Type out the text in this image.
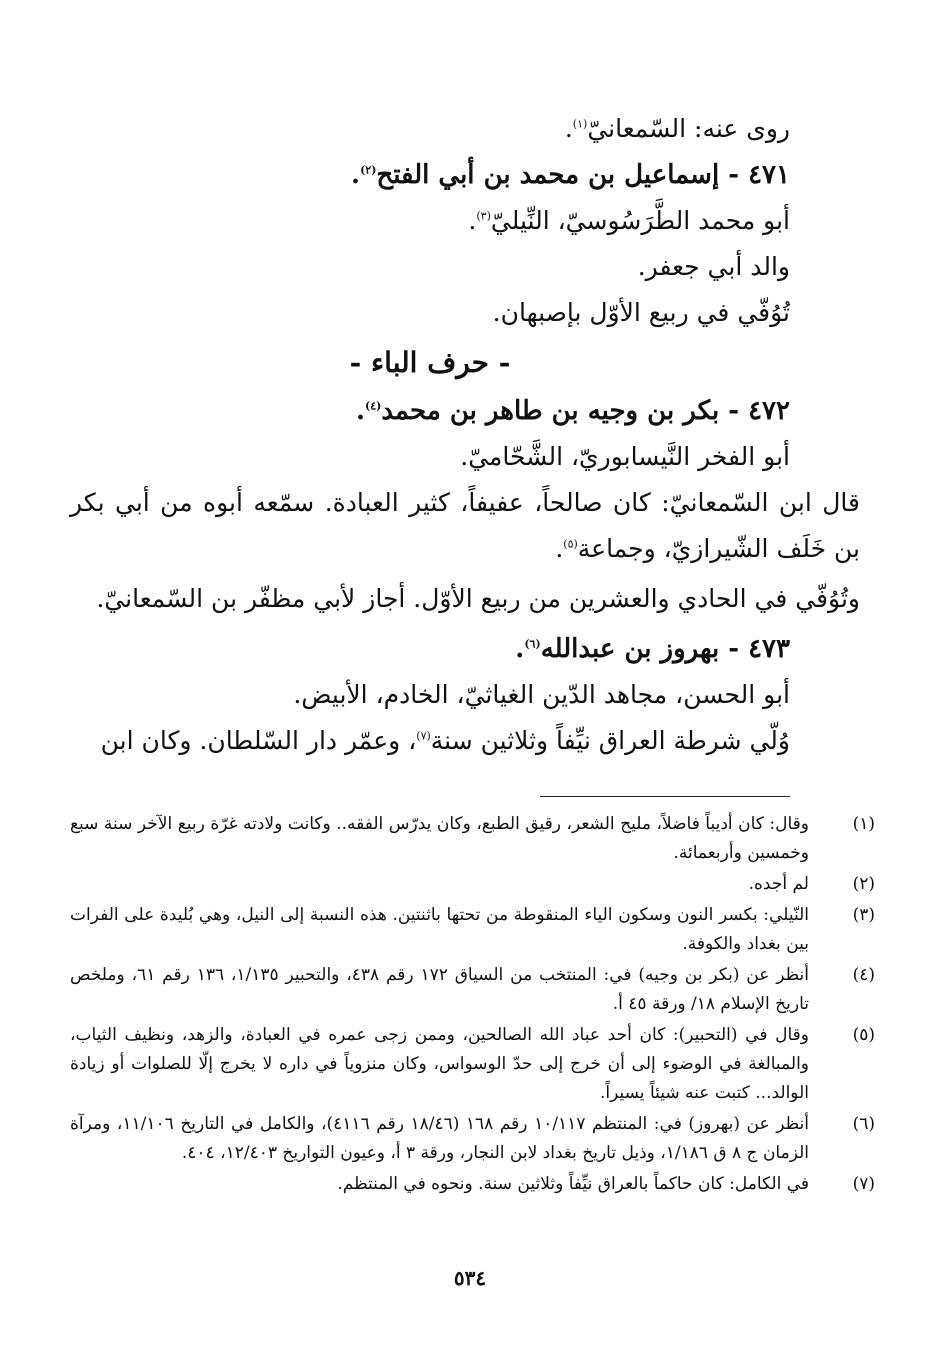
روى عنه: السّمعانيّ$^{(١)}$.
٤٧١ - إسماعيل بن محمد بن أبي الفتح$^{(٢)}$.
أبو محمد الطَّرَسُوسيّ، النِّيليّ$^{(٣)}$.
والد أبي جعفر.
تُوُفّي في ربيع الأوّل بإصبهان.
- حرف الباء -
٤٧٢ - بكر بن وجيه بن طاهر بن محمد$^{(٤)}$.
أبو الفخر النَّيسابوريّ، الشَّحّاميّ.
قال ابن السّمعانيّ: كان صالحاً، عفيفاً، كثير العبادة. سمّعه أبوه من أبي بكر بن خَلَف الشّيرازيّ، وجماعة$^{(٥)}$.
وتُوُفّي في الحادي والعشرين من ربيع الأوّل. أجاز لأبي مظفّر بن السّمعانيّ.
٤٧٣ - بهروز بن عبدالله$^{(٦)}$.
أبو الحسن، مجاهد الدّين الغياثيّ، الخادم، الأبيض.
وُلّي شرطة العراق نيِّفاً وثلاثين سنة$^{(٧)}$، وعمّر دار السّلطان. وكان ابن
(١)
وقال: كان أديباً فاضلاً، مليح الشعر، رقيق الطبع، وكان يدرّس الفقه.. وكانت ولادته غرّة ربيع الآخر سنة سبع وخمسين وأربعمائة.
(٢)
لم أجده.
(٣)
النّيلي: بكسر النون وسكون الياء المنقوطة من تحتها باثنتين. هذه النسبة إلى النيل، وهي بُليدة على الفرات بين بغداد والكوفة.
(٤)
أنظر عن (بكر بن وجيه) في: المنتخب من السياق ١٧٢ رقم ٤٣٨، والتحبير ١/١٣٥، ١٣٦ رقم ٦١، وملخص تاريخ الإسلام ١٨/ ورقة ٤٥ أ.
(٥)
وقال في (التحبير): كان أحد عباد الله الصالحين، وممن زجى عمره في العبادة، والزهد، ونظيف الثياب، والمبالغة في الوضوء إلى أن خرج إلى حدّ الوسواس، وكان منزوياً في داره لا يخرج إلّا للصلوات أو زيادة الوالد... كتبت عنه شيئاً يسيراً.
(٦)
أنظر عن (بهروز) في: المنتظم ١٠/١١٧ رقم ١٦٨ (١٨/٤٦ رقم ٤١١٦)، والكامل في التاريخ ١١/١٠٦، ومرآة الزمان ج ٨ ق ١/١٨٦، وذيل تاريخ بغداد لابن النجار، ورقة ٣ أ، وعيون التواريخ ١٢/٤٠٣، ٤٠٤.
(٧)
في الكامل: كان حاكماً بالعراق نيِّفاً وثلاثين سنة. ونحوه في المنتظم.
٥٣٤
